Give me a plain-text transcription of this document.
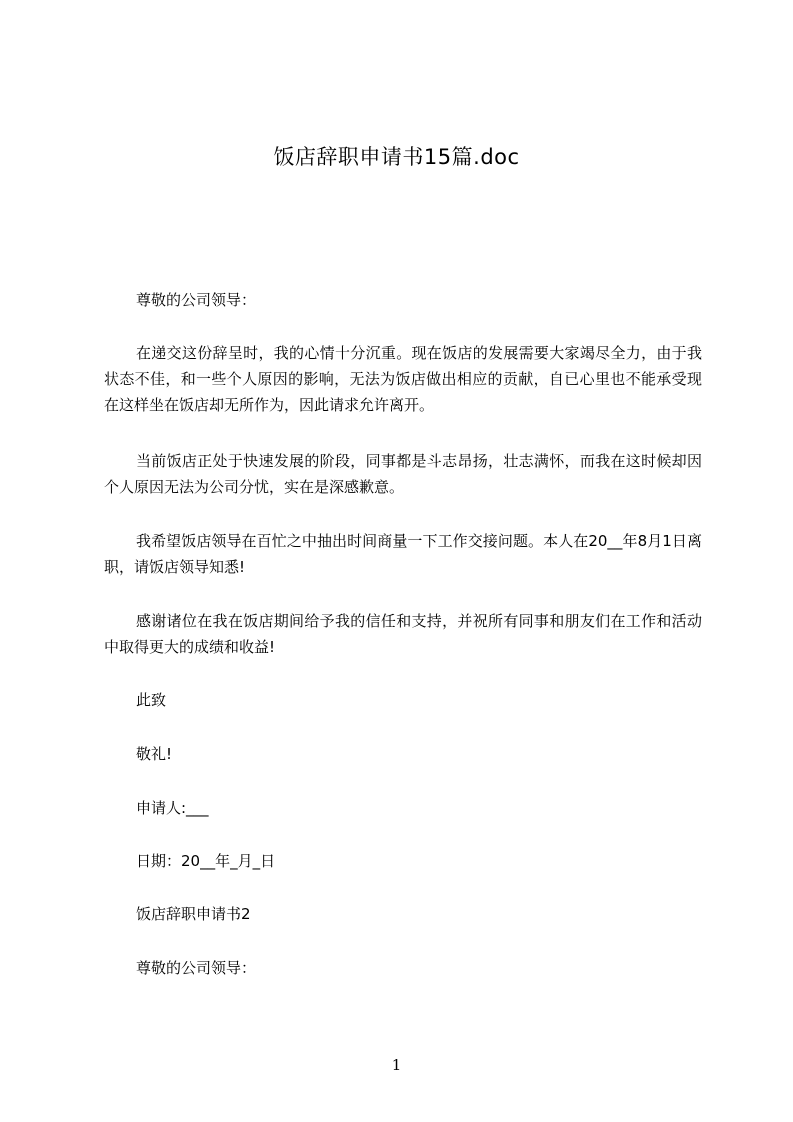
饭店辞职申请书15篇.doc

尊敬的公司领导：

在递交这份辞呈时，我的心情十分沉重。现在饭店的发展需要大家竭尽全力，由于我状态不佳，和一些个人原因的影响，无法为饭店做出相应的贡献，自已心里也不能承受现在这样坐在饭店却无所作为，因此请求允许离开。

当前饭店正处于快速发展的阶段，同事都是斗志昂扬，壮志满怀，而我在这时候却因个人原因无法为公司分忧，实在是深感歉意。

我希望饭店领导在百忙之中抽出时间商量一下工作交接问题。本人在20__年8月1日离职，请饭店领导知悉!

感谢诸位在我在饭店期间给予我的信任和支持，并祝所有同事和朋友们在工作和活动中取得更大的成绩和收益!

此致

敬礼!

申请人:___

日期：20__年_月_日

饭店辞职申请书2

尊敬的公司领导：

1
